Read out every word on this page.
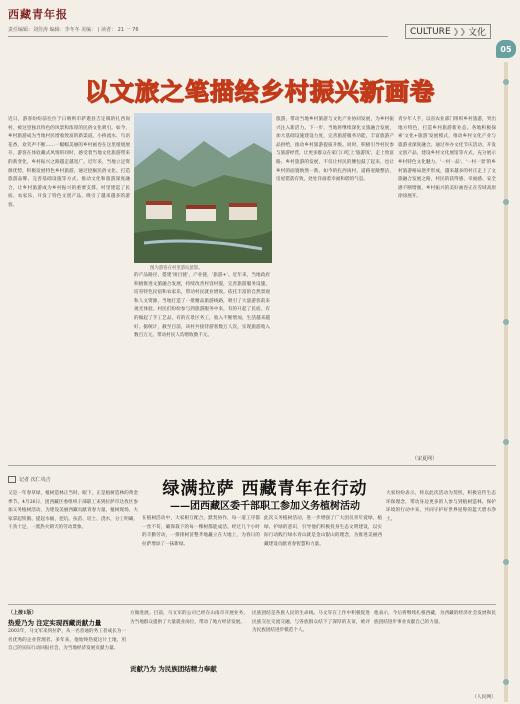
西藏青年报
责任编辑：刘佳涛 编辑：李冬冬 美编： | 读者： 21 一 76	CULTURE ❯❯ 文化
05
以文旅之笔描绘乡村振兴新画卷
近日，游客纷纷前往位于日喀则市萨迦县吉定镇的扎西岗村，被这里独具特色的风景和浓厚的民俗文化吸引。如今，乡村旅游成为当地村民增收致富的新渠道。小桥流水、鸟语花香、欢笑声不断……一幅幅美丽的乡村画卷在这里缓缓展开，游客在体验藏式风情的同时，感受着当地文化旅游带来的新变化，乡村振兴之路越走越宽广。近年来，当地立足资源优势，积极发展特色乡村旅游，通过挖掘民俗文化、打造旅游品牌、完善基础设施等方式，推动文化和旅游深度融合，让乡村旅游成为乡村振兴的重要支撑。村里建起了民宿、农家乐，开发了特色文创产品，吸引了越来越多的游客。
图为游客在村里游玩留影。
的产品路径，搭建'项目链'，产业链，'旅游+'。近年来，当地政府积极推进文旅融合发展，持续改善村容村貌，完善旅游服务设施，培育特色民宿和农家乐，带动村民就业增收。依托丰富的自然景观和人文资源，当地打造了一批精品旅游线路，吸引了大量游客前来观光体验。村民们纷纷参与到旅游服务中来，有的开起了民宿，有的做起了手工艺品，有的在景区务工，收入不断增加，生活越来越好。据统计，截至目前，该村共接待游客数万人次，实现旅游收入数百万元，带动村民人均增收数千元。
旅游，带动当地乡村旅游与文化产业协同发展，为乡村振兴注入新活力。下一步，当地将继续深化文旅融合发展，加大基础设施建设力度，完善旅游服务功能，丰富旅游产品供给，推动乡村旅游提质升级。同时，积极引导村民参与旅游经营，让更多群众在家门口吃上'旅游饭'，走上致富路。乡村旅游的发展，不仅让村民的腰包鼓了起来，也让乡村的面貌焕然一新。如今的扎西岗村，道路宽敞整洁，房屋错落有致，处处洋溢着幸福和谐的气息。
青少年人手，以省农业部门组织乡村旅游，突出地方特色，打造乡村旅游新业态。各地积极探索'文化+旅游'发展模式，推动乡村文化产业与旅游业深度融合。通过举办文化节庆活动、开发文创产品、建设乡村文化展馆等方式，充分展示乡村特色文化魅力。'一村一品'、'一村一景'的乡村旅游格局逐步形成，越来越多的村庄走上了文旅融合发展之路，村民的获得感、幸福感、安全感不断增强，乡村振兴的美好画卷正在雪域高原徐徐展开。
（宋夏网）
记者 次仁央吉	绿满拉萨 西藏青年在行动
——团西藏区委千部职工参加义务植树活动
又是一年春草绿，植树造林正当时。眼下，正是植树造林的黄金季节。4月26日，团西藏区委组织干部职工来到拉萨市达孜区参加义务植树活动，为建设美丽西藏贡献青春力量。植树现场，大家拿起铁锹、提起水桶，挖坑、扶苗、培土、浇水，分工明确，干劲十足，一派热火朝天的劳动景象。
在植树活动中，大家相互配合、默契协作，每一道工序都一丝不苟，确保栽下的每一棵树都能成活。经过几个小时的辛勤劳动，一排排树苗整齐地矗立在大地上，为春日的拉萨增添了一抹新绿。
此次义务植树活动，进一步增强了广大团员青年爱绿、植绿、护绿的意识，引导他们积极投身生态文明建设，以实际行动践行绿水青山就是金山银山的理念，为推进美丽西藏建设贡献青春智慧和力量。
大家纷纷表示，将以此次活动为契机，积极宣传生态环保理念，带动身边更多的人参与到植树造林、保护环境的行动中来，共同守护好世界屋脊的蓝天碧水净土。
（上接1版）
热爱乃为 注定实现西藏贡献力量
2003年，马文军来到拉萨，从一名普通的务工者成长为一名优秀的企业管理者。多年来，他始终热爱这片土地，用自己的实际行动回报社会，为当地经济发展贡献力量。
方做进展。目前，马文军的公司已经在山南市开展业务，为当地群众提供了大量就业岗位，带动了地方经济发展。
贡献乃为 为民族团结精力奉献
民族团结是各族人民的生命线。马文军在工作中积极促进民族交往交流交融，与各族群众结下了深厚的友谊，被评为民族团结进步模范个人。
他表示，今后将继续扎根西藏，为西藏的经济社会发展和民族团结进步事业贡献自己的力量。
（人民网）
